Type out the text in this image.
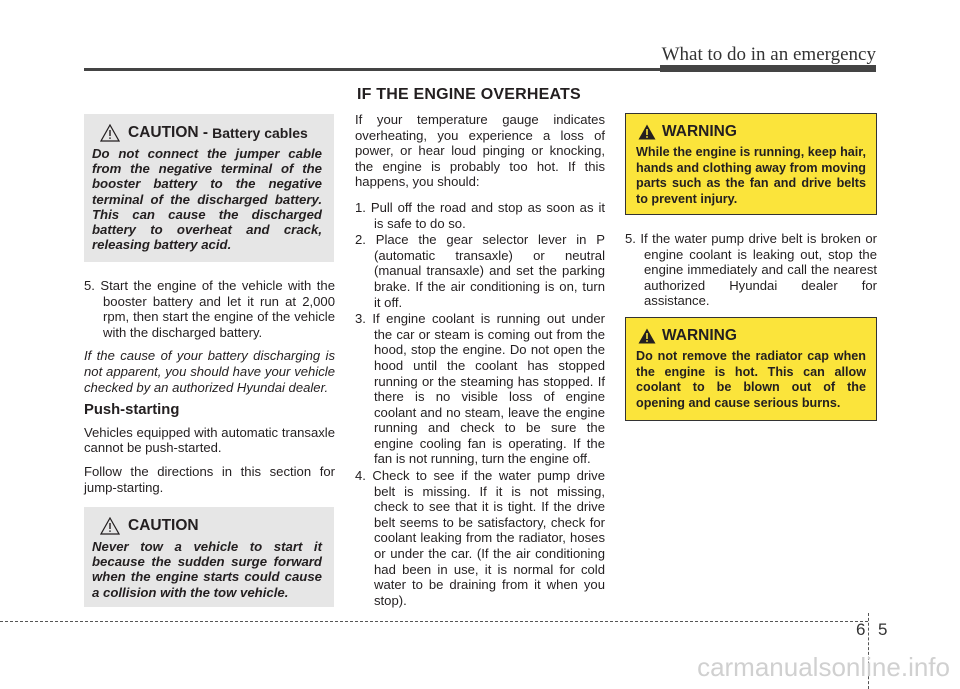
What to do in an emergency
IF THE ENGINE OVERHEATS
CAUTION - Battery cables
Do not connect the jumper cable from the negative terminal of the booster battery to the negative terminal of the discharged battery. This can cause the discharged battery to overheat and crack, releasing battery acid.

5. Start the engine of the vehicle with the booster battery and let it run at 2,000 rpm, then start the engine of the vehicle with the discharged battery.

If the cause of your battery discharging is not apparent, you should have your vehicle checked by an authorized Hyundai dealer.

Push-starting

Vehicles equipped with automatic transaxle cannot be push-started.

Follow the directions in this section for jump-starting.

CAUTION
Never tow a vehicle to start it because the sudden surge forward when the engine starts could cause a collision with the tow vehicle.

If your temperature gauge indicates overheating, you experience a loss of power, or hear loud pinging or knocking, the engine is probably too hot. If this happens, you should:

1. Pull off the road and stop as soon as it is safe to do so.

2. Place the gear selector lever in P (automatic transaxle) or neutral (manual transaxle) and set the parking brake. If the air conditioning is on, turn it off.

3. If engine coolant is running out under the car or steam is coming out from the hood, stop the engine. Do not open the hood until the coolant has stopped running or the steaming has stopped. If there is no visible loss of engine coolant and no steam, leave the engine running and check to be sure the engine cooling fan is operating. If the fan is not running, turn the engine off.

4. Check to see if the water pump drive belt is missing. If it is not missing, check to see that it is tight. If the drive belt seems to be satisfactory, check for coolant leaking from the radiator, hoses or under the car. (If the air conditioning had been in use, it is normal for cold water to be draining from it when you stop).

WARNING
While the engine is running, keep hair, hands and clothing away from moving parts such as the fan and drive belts to prevent injury.

5. If the water pump drive belt is broken or engine coolant is leaking out, stop the engine immediately and call the nearest authorized Hyundai dealer for assistance.

WARNING
Do not remove the radiator cap when the engine is hot. This can allow coolant to be blown out of the opening and cause serious burns.
6 5
carmanualsonline.info
